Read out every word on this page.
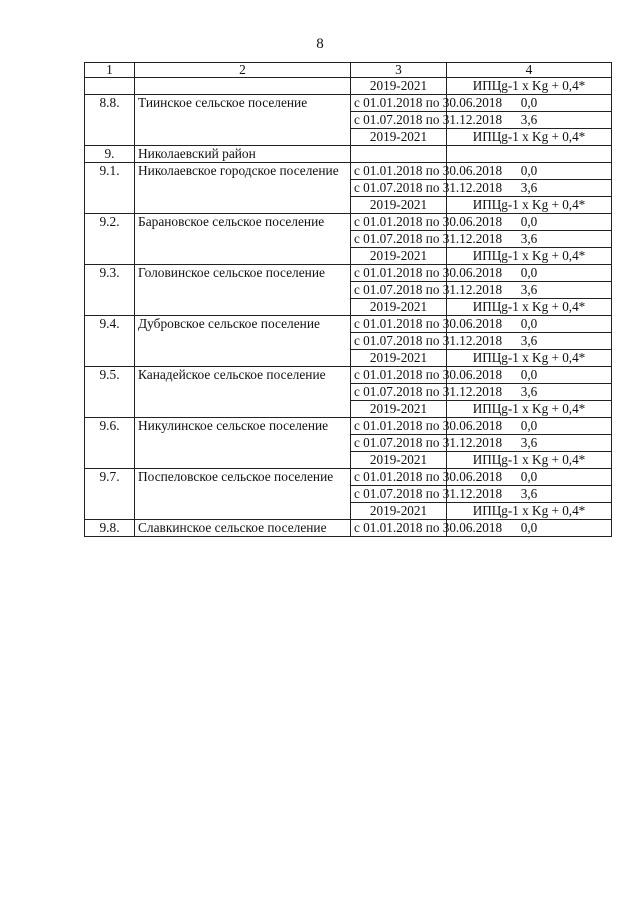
8
1	2	3	4
		2019-2021	ИПЦg-1 x Kg + 0,4*
8.8.	Тиинское сельское поселение	с 01.01.2018 по 30.06.2018	0,0
		с 01.07.2018 по 31.12.2018	3,6
		2019-2021	ИПЦg-1 x Kg + 0,4*
9.	Николаевский район		
9.1.	Николаевское городское поселение	с 01.01.2018 по 30.06.2018	0,0
		с 01.07.2018 по 31.12.2018	3,6
		2019-2021	ИПЦg-1 x Kg + 0,4*
9.2.	Барановское сельское поселение	с 01.01.2018 по 30.06.2018	0,0
		с 01.07.2018 по 31.12.2018	3,6
		2019-2021	ИПЦg-1 x Kg + 0,4*
9.3.	Головинское сельское поселение	с 01.01.2018 по 30.06.2018	0,0
		с 01.07.2018 по 31.12.2018	3,6
		2019-2021	ИПЦg-1 x Kg + 0,4*
9.4.	Дубровское сельское поселение	с 01.01.2018 по 30.06.2018	0,0
		с 01.07.2018 по 31.12.2018	3,6
		2019-2021	ИПЦg-1 x Kg + 0,4*
9.5.	Канадейское сельское поселение	с 01.01.2018 по 30.06.2018	0,0
		с 01.07.2018 по 31.12.2018	3,6
		2019-2021	ИПЦg-1 x Kg + 0,4*
9.6.	Никулинское сельское поселение	с 01.01.2018 по 30.06.2018	0,0
		с 01.07.2018 по 31.12.2018	3,6
		2019-2021	ИПЦg-1 x Kg + 0,4*
9.7.	Поспеловское сельское поселение	с 01.01.2018 по 30.06.2018	0,0
		с 01.07.2018 по 31.12.2018	3,6
		2019-2021	ИПЦg-1 x Kg + 0,4*
9.8.	Славкинское сельское поселение	с 01.01.2018 по 30.06.2018	0,0
